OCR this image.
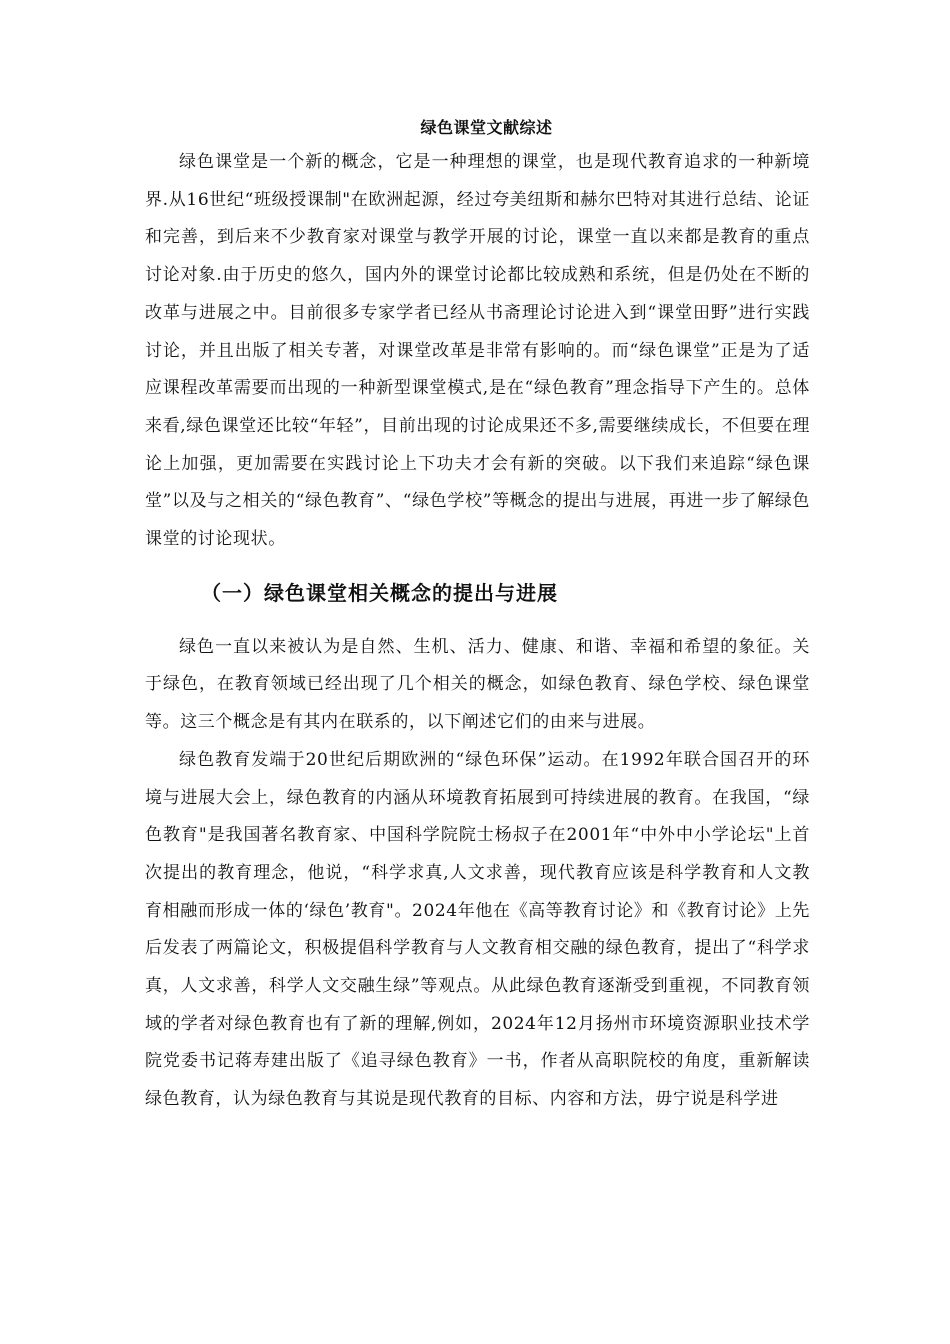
绿色课堂文献综述

绿色课堂是一个新的概念，它是一种理想的课堂，也是现代教育追求的一种新境界.从16世纪“班级授课制"在欧洲起源，经过夸美纽斯和赫尔巴特对其进行总结、论证和完善，到后来不少教育家对课堂与教学开展的讨论，课堂一直以来都是教育的重点讨论对象.由于历史的悠久，国内外的课堂讨论都比较成熟和系统，但是仍处在不断的改革与进展之中。目前很多专家学者已经从书斋理论讨论进入到“课堂田野”进行实践讨论，并且出版了相关专著，对课堂改革是非常有影响的。而“绿色课堂”正是为了适应课程改革需要而出现的一种新型课堂模式,是在“绿色教育”理念指导下产生的。总体来看,绿色课堂还比较“年轻”，目前出现的讨论成果还不多,需要继续成长，不但要在理论上加强，更加需要在实践讨论上下功夫才会有新的突破。以下我们来追踪“绿色课堂”以及与之相关的“绿色教育”、“绿色学校”等概念的提出与进展，再进一步了解绿色课堂的讨论现状。

（一）绿色课堂相关概念的提出与进展

绿色一直以来被认为是自然、生机、活力、健康、和谐、幸福和希望的象征。关于绿色，在教育领域已经出现了几个相关的概念，如绿色教育、绿色学校、绿色课堂等。这三个概念是有其内在联系的，以下阐述它们的由来与进展。

绿色教育发端于20世纪后期欧洲的“绿色环保”运动。在1992年联合国召开的环境与进展大会上，绿色教育的内涵从环境教育拓展到可持续进展的教育。在我国，“绿色教育"是我国著名教育家、中国科学院院士杨叔子在2001年“中外中小学论坛"上首次提出的教育理念，他说，“科学求真,人文求善，现代教育应该是科学教育和人文教育相融而形成一体的‘绿色’教育"。2024年他在《高等教育讨论》和《教育讨论》上先后发表了两篇论文，积极提倡科学教育与人文教育相交融的绿色教育，提出了“科学求真，人文求善，科学人文交融生绿”等观点。从此绿色教育逐渐受到重视，不同教育领域的学者对绿色教育也有了新的理解,例如，2024年12月扬州市环境资源职业技术学院党委书记蒋寿建出版了《追寻绿色教育》一书，作者从高职院校的角度，重新解读绿色教育，认为绿色教育与其说是现代教育的目标、内容和方法，毋宁说是科学进
